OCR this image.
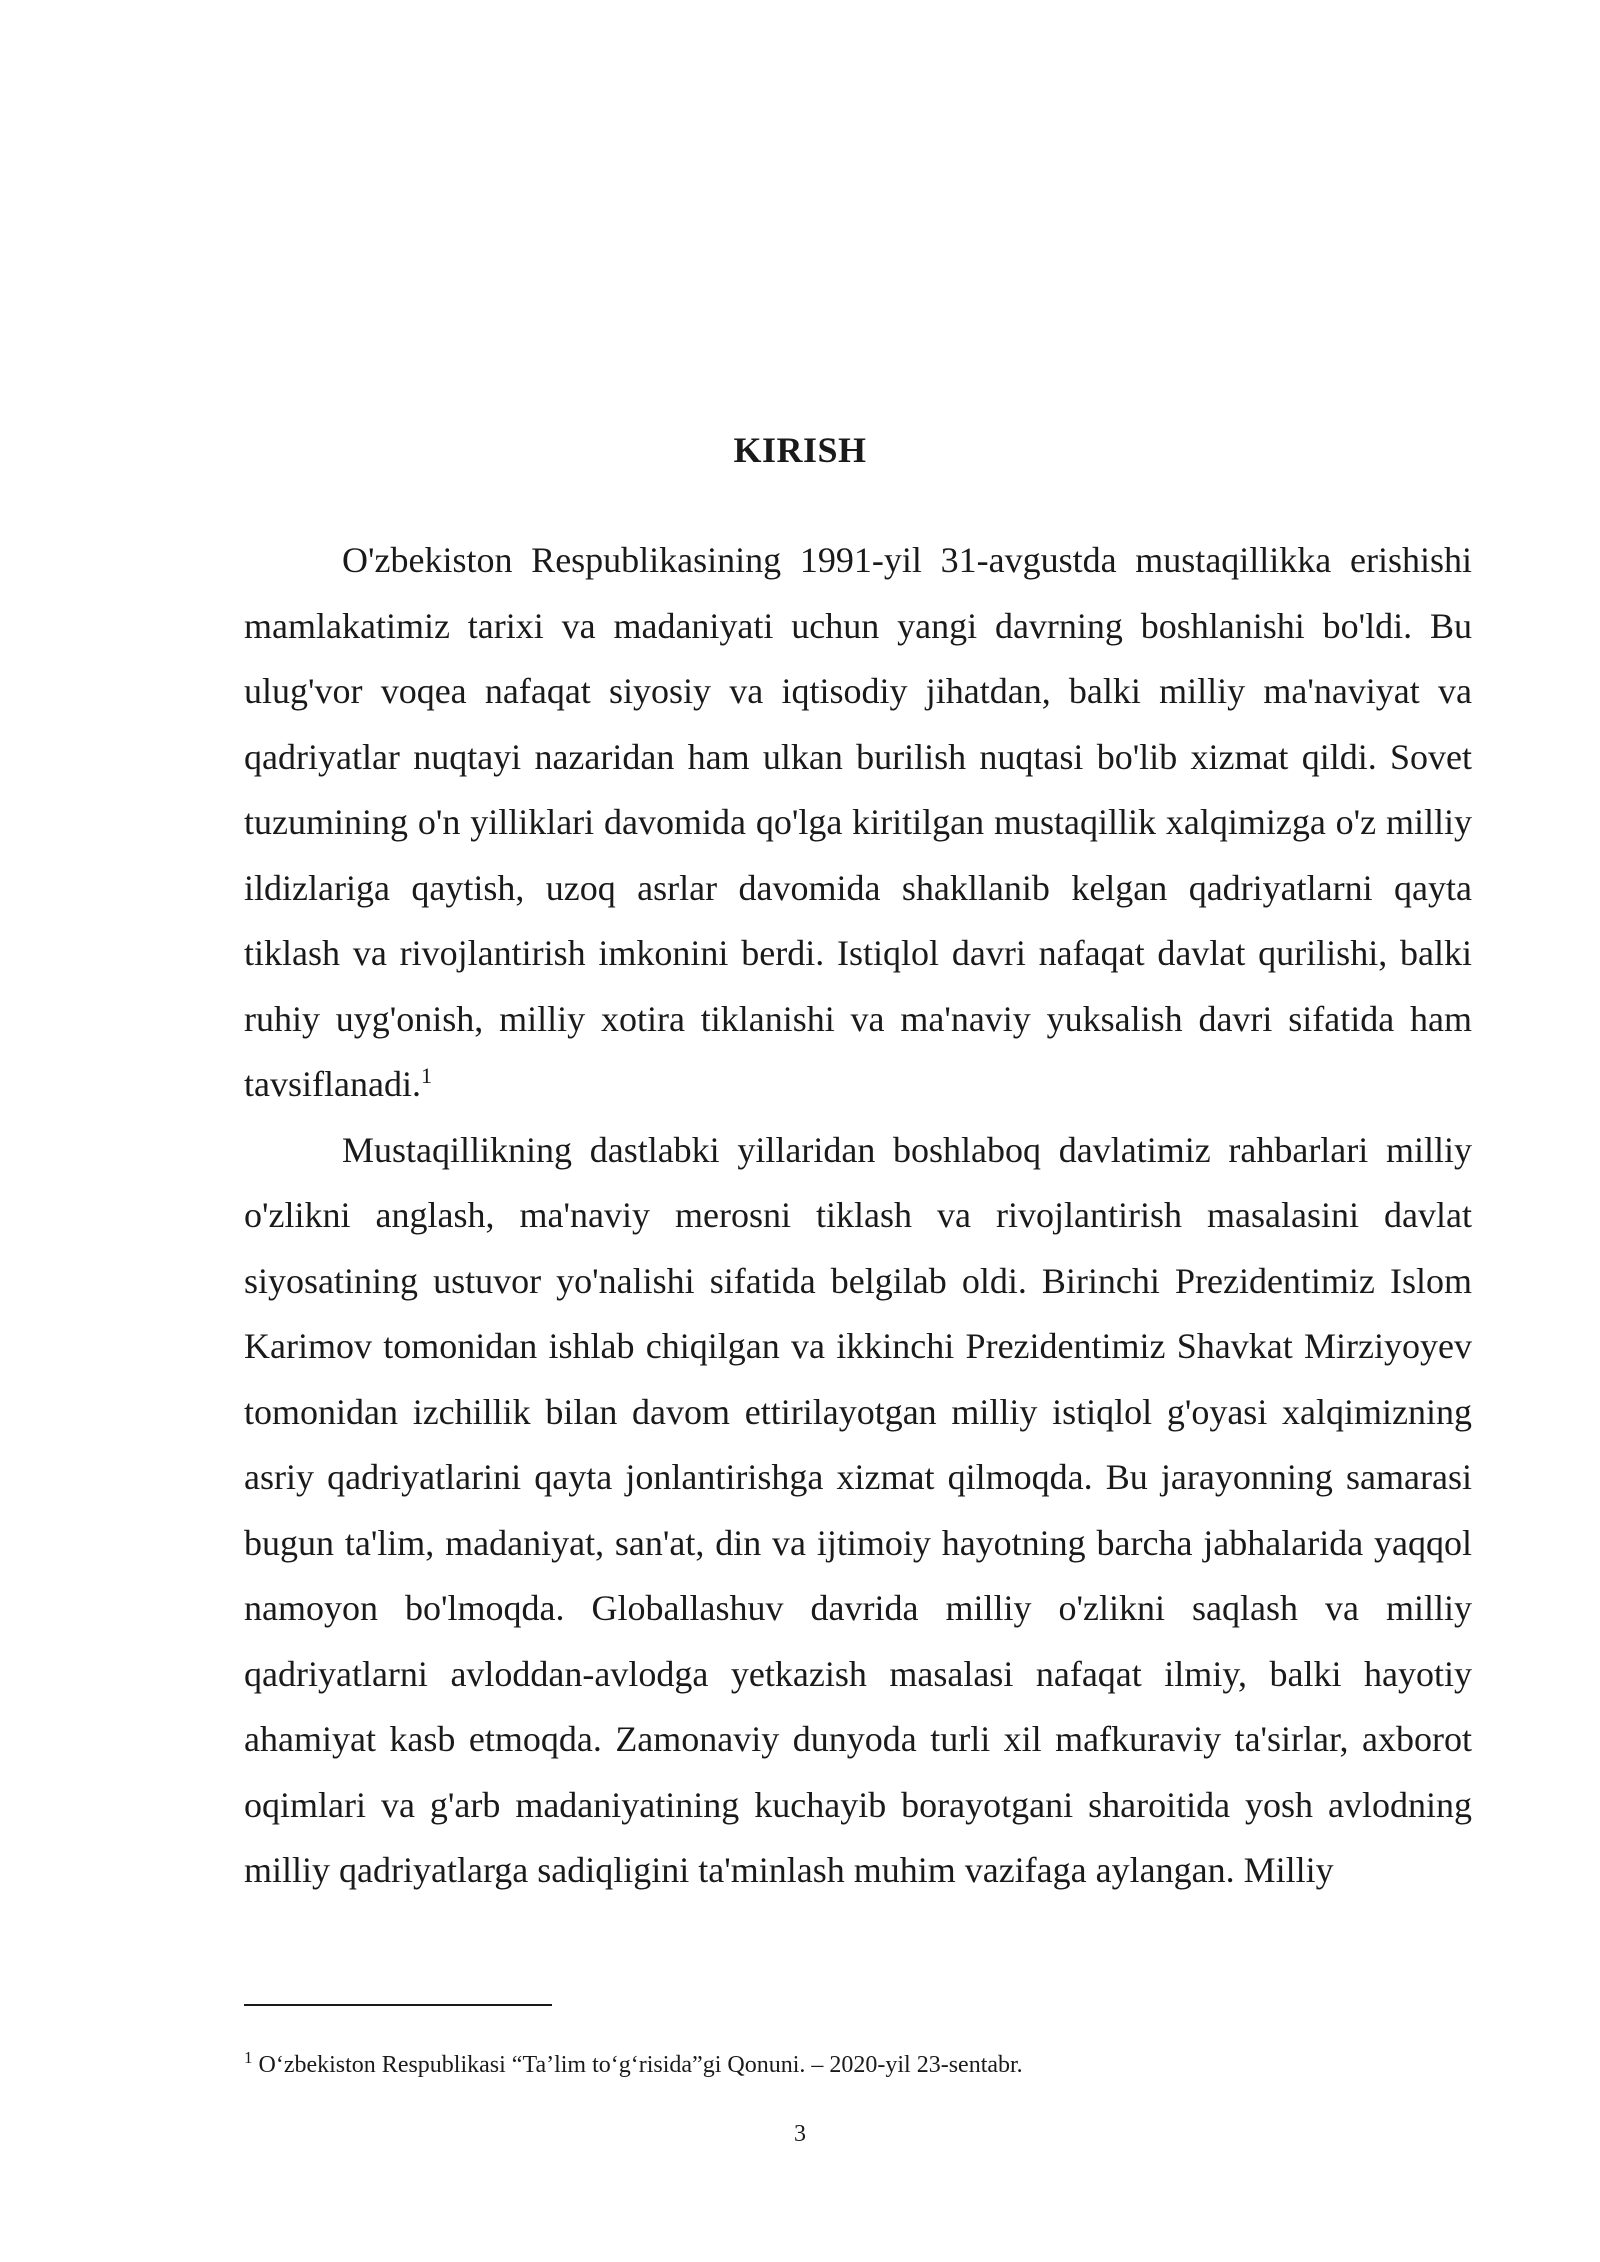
KIRISH

O'zbekiston Respublikasining 1991-yil 31-avgustda mustaqillikka erishishi mamlakatimiz tarixi va madaniyati uchun yangi davrning boshlanishi bo'ldi. Bu ulug'vor voqea nafaqat siyosiy va iqtisodiy jihatdan, balki milliy ma'naviyat va qadriyatlar nuqtayi nazaridan ham ulkan burilish nuqtasi bo'lib xizmat qildi. Sovet tuzumining o'n yilliklari davomida qo'lga kiritilgan mustaqillik xalqimizga o'z milliy ildizlariga qaytish, uzoq asrlar davomida shakllanib kelgan qadriyatlarni qayta tiklash va rivojlantirish imkonini berdi. Istiqlol davri nafaqat davlat qurilishi, balki ruhiy uyg'onish, milliy xotira tiklanishi va ma'naviy yuksalish davri sifatida ham tavsiflanadi.$^1$

Mustaqillikning dastlabki yillaridan boshlaboq davlatimiz rahbarlari milliy o'zlikni anglash, ma'naviy merosni tiklash va rivojlantirish masalasini davlat siyosatining ustuvor yo'nalishi sifatida belgilab oldi. Birinchi Prezidentimiz Islom Karimov tomonidan ishlab chiqilgan va ikkinchi Prezidentimiz Shavkat Mirziyoyev tomonidan izchillik bilan davom ettirilayotgan milliy istiqlol g'oyasi xalqimizning asriy qadriyatlarini qayta jonlantirishga xizmat qilmoqda. Bu jarayonning samarasi bugun ta'lim, madaniyat, san'at, din va ijtimoiy hayotning barcha jabhalarida yaqqol namoyon bo'lmoqda. Globallashuv davrida milliy o'zlikni saqlash va milliy qadriyatlarni avloddan-avlodga yetkazish masalasi nafaqat ilmiy, balki hayotiy ahamiyat kasb etmoqda. Zamonaviy dunyoda turli xil mafkuraviy ta'sirlar, axborot oqimlari va g'arb madaniyatining kuchayib borayotgani sharoitida yosh avlodning milliy qadriyatlarga sadiqligini ta'minlash muhim vazifaga aylangan. Milliy

$^1$ O‘zbekiston Respublikasi “Ta’lim to‘g‘risida”gi Qonuni. – 2020-yil 23-sentabr.
3
